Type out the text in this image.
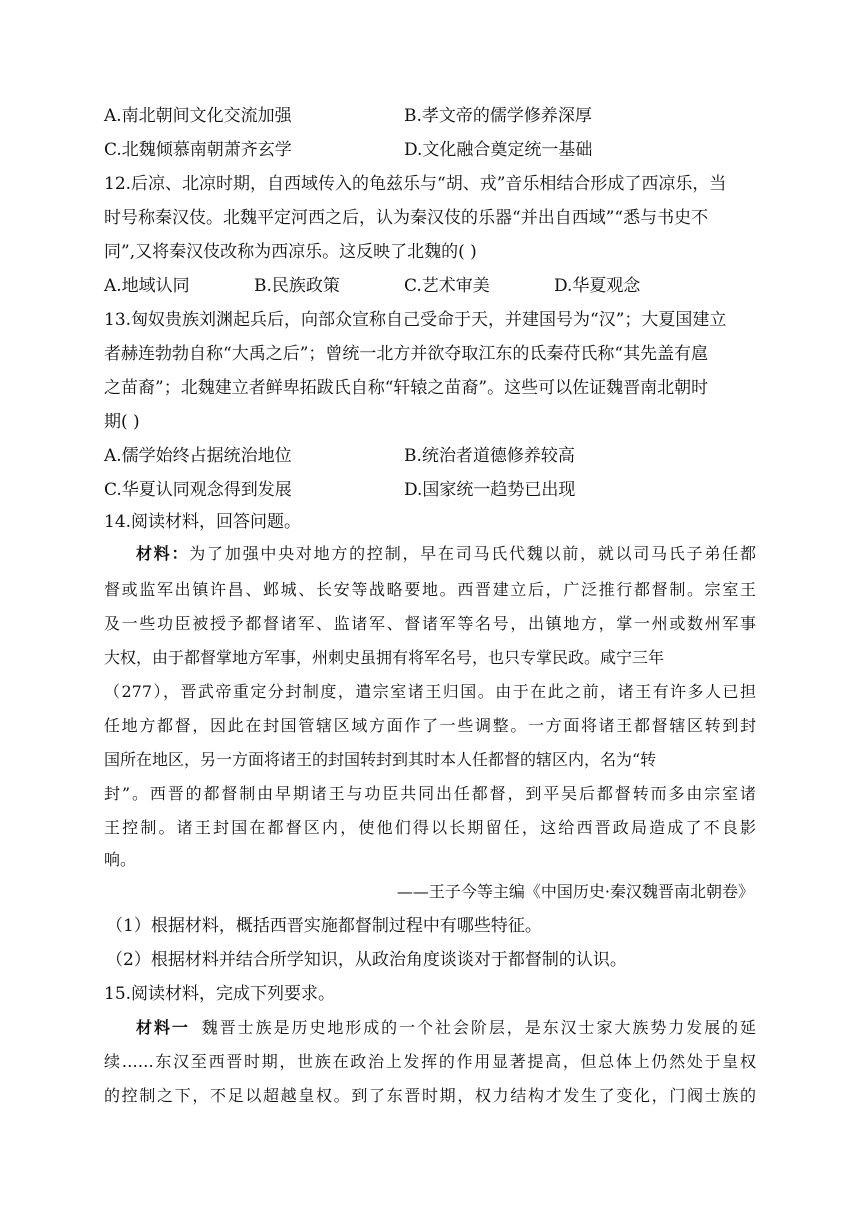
A.南北朝间文化交流加强	B.孝文帝的儒学修养深厚
C.北魏倾慕南朝萧齐玄学	D.文化融合奠定统一基础
12.后凉、北凉时期，自西域传入的龟兹乐与“胡、戎”音乐相结合形成了西凉乐，当
时号称秦汉伎。北魏平定河西之后，认为秦汉伎的乐器“并出自西域”“悉与书史不
同”,又将秦汉伎改称为西凉乐。这反映了北魏的( )
A.地域认同	B.民族政策	C.艺术审美	D.华夏观念
13.匈奴贵族刘渊起兵后，向部众宣称自己受命于天，并建国号为“汉”；大夏国建立
者赫连勃勃自称“大禹之后”；曾统一北方并欲夺取江东的氐秦苻氏称“其先盖有扈
之苗裔”；北魏建立者鲜卑拓跋氏自称“轩辕之苗裔”。这些可以佐证魏晋南北朝时
期( )
A.儒学始终占据统治地位	B.统治者道德修养较高
C.华夏认同观念得到发展	D.国家统一趋势已出现
14.阅读材料，回答问题。
材料：为了加强中央对地方的控制，早在司马氏代魏以前，就以司马氏子弟任都
督或监军出镇许昌、邺城、长安等战略要地。西晋建立后，广泛推行都督制。宗室王
及一些功臣被授予都督诸军、监诸军、督诸军等名号，出镇地方，掌一州或数州军事
大权，由于都督掌地方军事，州刺史虽拥有将军名号，也只专掌民政。咸宁三年
（277），晋武帝重定分封制度，遣宗室诸王归国。由于在此之前，诸王有许多人已担
任地方都督，因此在封国管辖区域方面作了一些调整。一方面将诸王都督辖区转到封
国所在地区，另一方面将诸王的封国转封到其时本人任都督的辖区内，名为“转
封”。西晋的都督制由早期诸王与功臣共同出任都督，到平吴后都督转而多由宗室诸
王控制。诸王封国在都督区内，使他们得以长期留任，这给西晋政局造成了不良影
响。
——王子今等主编《中国历史·秦汉魏晋南北朝卷》
（1）根据材料，概括西晋实施都督制过程中有哪些特征。
（2）根据材料并结合所学知识，从政治角度谈谈对于都督制的认识。
15.阅读材料，完成下列要求。
材料一 魏晋士族是历史地形成的一个社会阶层，是东汉士家大族势力发展的延
续……东汉至西晋时期，世族在政治上发挥的作用显著提高，但总体上仍然处于皇权
的控制之下，不足以超越皇权。到了东晋时期，权力结构才发生了变化，门阀士族的
